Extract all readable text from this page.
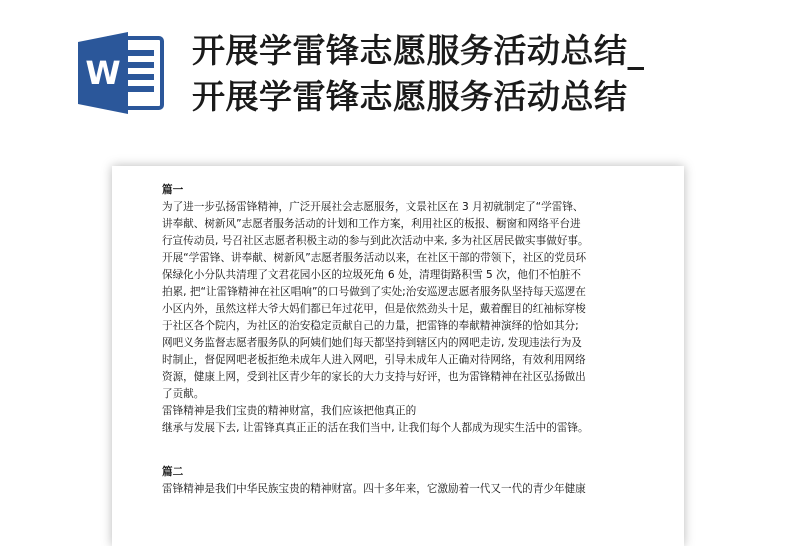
W
开展学雷锋志愿服务活动总结_
开展学雷锋志愿服务活动总结
篇一
为了进一步弘扬雷锋精神，广泛开展社会志愿服务，文景社区在 3 月初就制定了“学雷锋、
讲奉献、树新风”志愿者服务活动的计划和工作方案，利用社区的板报、橱窗和网络平台进
行宣传动员, 号召社区志愿者积极主动的参与到此次活动中来, 多为社区居民做实事做好事。
开展“学雷锋、讲奉献、树新风”志愿者服务活动以来，在社区干部的带领下，社区的党员环
保绿化小分队共清理了文君花园小区的垃圾死角 6 处，清理街路积雪 5 次，他们不怕脏不
拍累, 把“让雷锋精神在社区唱响”的口号做到了实处;治安巡逻志愿者服务队坚持每天巡逻在
小区内外，虽然这样大爷大妈们都已年过花甲，但是依然劲头十足，戴着醒目的红袖标穿梭
于社区各个院内，为社区的治安稳定贡献自己的力量，把雷锋的奉献精神演绎的恰如其分;
网吧义务监督志愿者服务队的阿姨们她们每天都坚持到辖区内的网吧走访, 发现违法行为及
时制止，督促网吧老板拒绝未成年人进入网吧，引导未成年人正确对待网络，有效利用网络
资源，健康上网，受到社区青少年的家长的大力支持与好评，也为雷锋精神在社区弘扬做出
了贡献。
雷锋精神是我们宝贵的精神财富，我们应该把他真正的
继承与发展下去, 让雷锋真真正正的活在我们当中, 让我们每个人都成为现实生活中的雷锋。
篇二
雷锋精神是我们中华民族宝贵的精神财富。四十多年来，它激励着一代又一代的青少年健康
